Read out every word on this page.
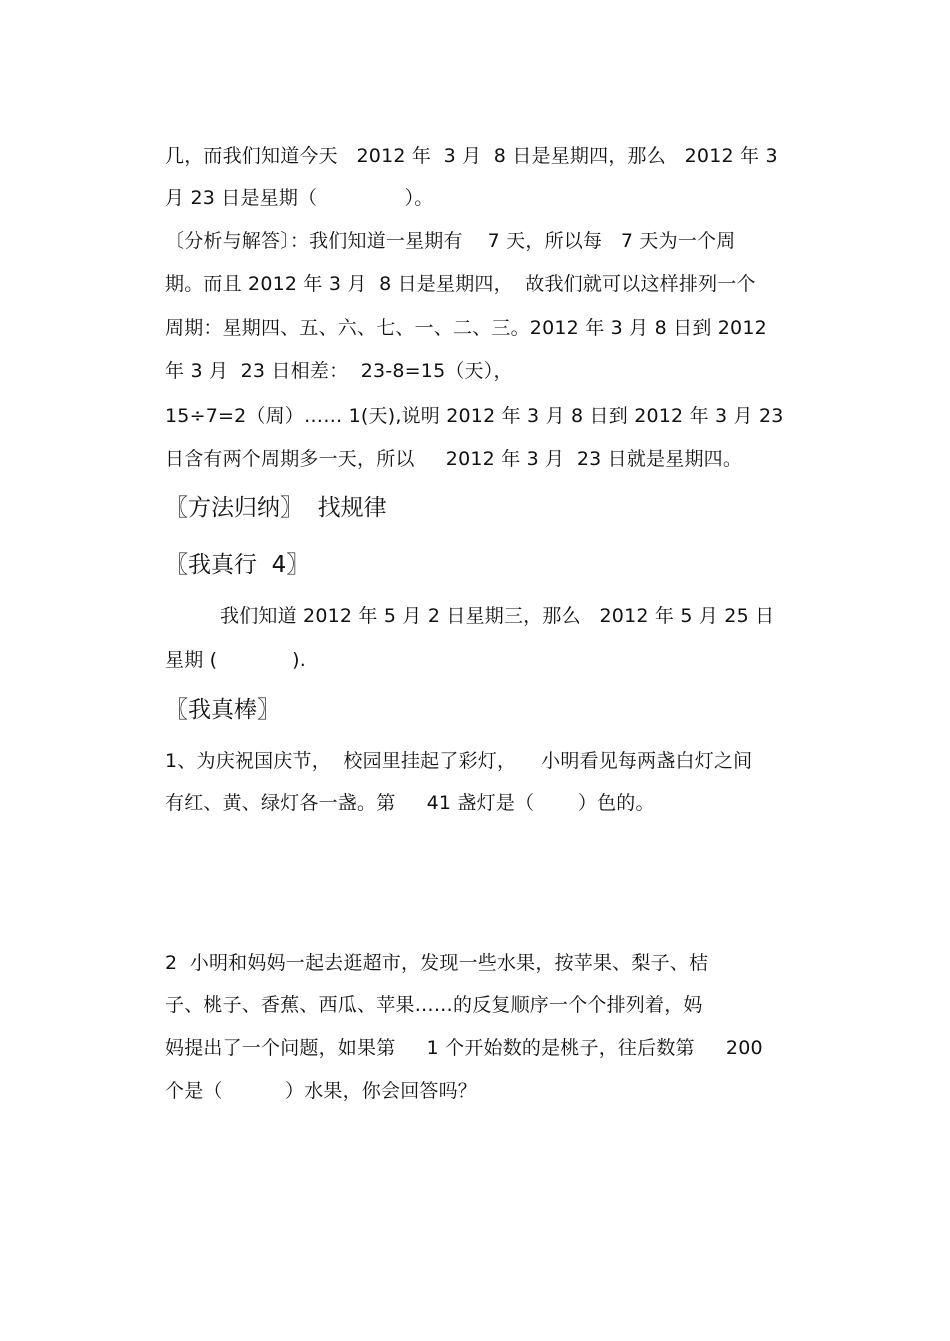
几，而我们知道今天   2012 年  3 月  8 日是星期四，那么   2012 年 3
月 23 日是星期（              ）。
〔分析与解答〕：我们知道一星期有    7 天，所以每   7 天为一个周
期。而且 2012 年 3 月  8 日是星期四，  故我们就可以这样排列一个
周期：星期四、五、六、七、一、二、三。2012 年 3 月 8 日到 2012
年 3 月  23 日相差：  23-8=15（天），
15÷7=2（周）…… 1(天),说明 2012 年 3 月 8 日到 2012 年 3 月 23
日含有两个周期多一天，所以     2012 年 3 月  23 日就是星期四。
〖方法归纳〗  找规律
〖我真行  4〗
我们知道 2012 年 5 月 2 日星期三，那么   2012 年 5 月 25 日
星期 (            ).
〖我真棒〗
1、为庆祝国庆节，  校园里挂起了彩灯，    小明看见每两盏白灯之间
有红、黄、绿灯各一盏。第     41 盏灯是（       ）色的。
2  小明和妈妈一起去逛超市，发现一些水果，按苹果、梨子、桔
子、桃子、香蕉、西瓜、苹果……的反复顺序一个个排列着，妈
妈提出了一个问题，如果第     1 个开始数的是桃子，往后数第     200
个是（          ）水果，你会回答吗？
